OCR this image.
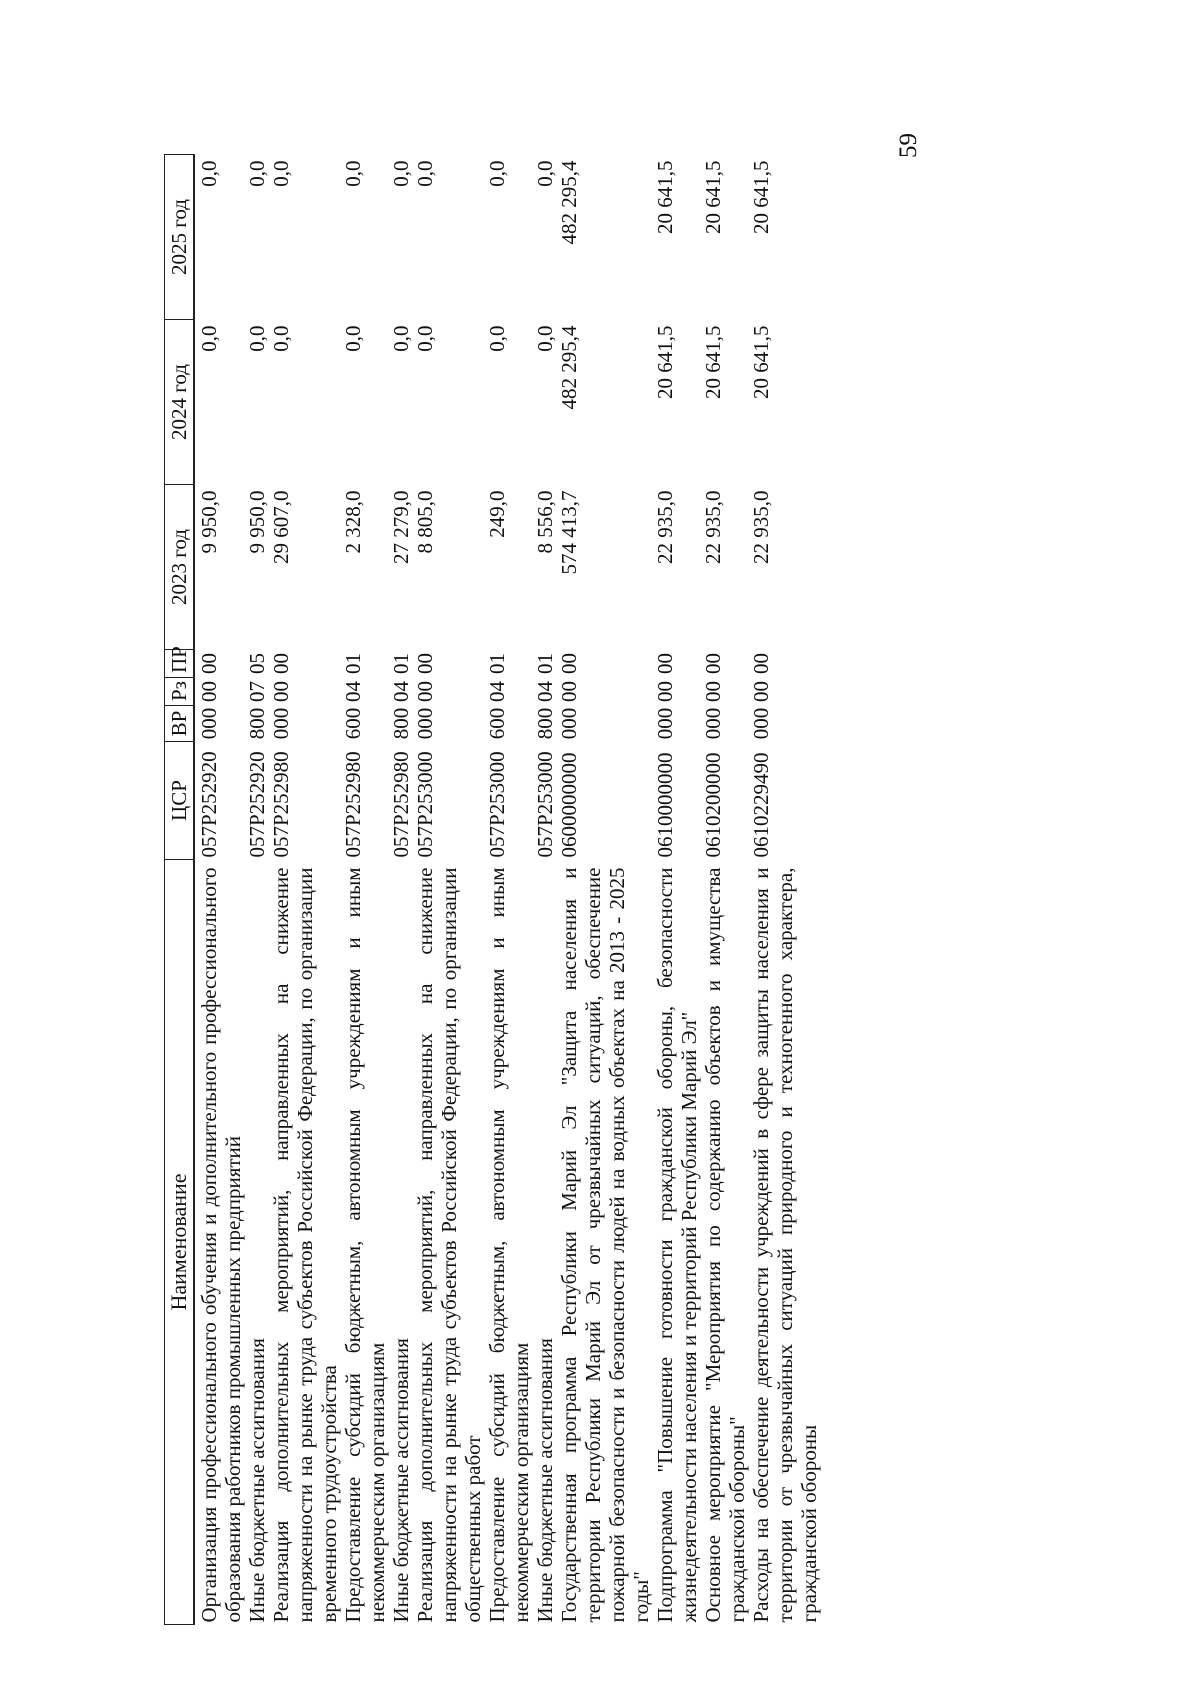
59
Наименование	ЦСР	ВР	Рз	ПР	2023 год	2024 год	2025 год
Организация профессионального обучения и дополнительного профессионального образования работников промышленных предприятий	057P252920	000	00	00	9 950,0	0,0	0,0
Иные бюджетные ассигнования	057P252920	800	07	05	9 950,0	0,0	0,0
Реализация дополнительных мероприятий, направленных на снижение напряженности на рынке труда субъектов Российской Федерации, по организации временного трудоустройства	057P252980	000	00	00	29 607,0	0,0	0,0
Предоставление субсидий бюджетным, автономным учреждениям и иным некоммерческим организациям	057P252980	600	04	01	2 328,0	0,0	0,0
Иные бюджетные ассигнования	057P252980	800	04	01	27 279,0	0,0	0,0
Реализация дополнительных мероприятий, направленных на снижение напряженности на рынке труда субъектов Российской Федерации, по организации общественных работ	057P253000	000	00	00	8 805,0	0,0	0,0
Предоставление субсидий бюджетным, автономным учреждениям и иным некоммерческим организациям	057P253000	600	04	01	249,0	0,0	0,0
Иные бюджетные ассигнования	057P253000	800	04	01	8 556,0	0,0	0,0
Государственная программа Республики Марий Эл "Защита населения и территории Республики Марий Эл от чрезвычайных ситуаций, обеспечение пожарной безопасности и безопасности людей на водных объектах на 2013 - 2025 годы"	0600000000	000	00	00	574 413,7	482 295,4	482 295,4
Подпрограмма "Повышение готовности гражданской обороны, безопасности жизнедеятельности населения и территорий Республики Марий Эл"	0610000000	000	00	00	22 935,0	20 641,5	20 641,5
Основное мероприятие "Мероприятия по содержанию объектов и имущества гражданской обороны"	0610200000	000	00	00	22 935,0	20 641,5	20 641,5
Расходы на обеспечение деятельности учреждений в сфере защиты населения и территории от чрезвычайных ситуаций природного и техногенного характера, гражданской обороны	0610229490	000	00	00	22 935,0	20 641,5	20 641,5
